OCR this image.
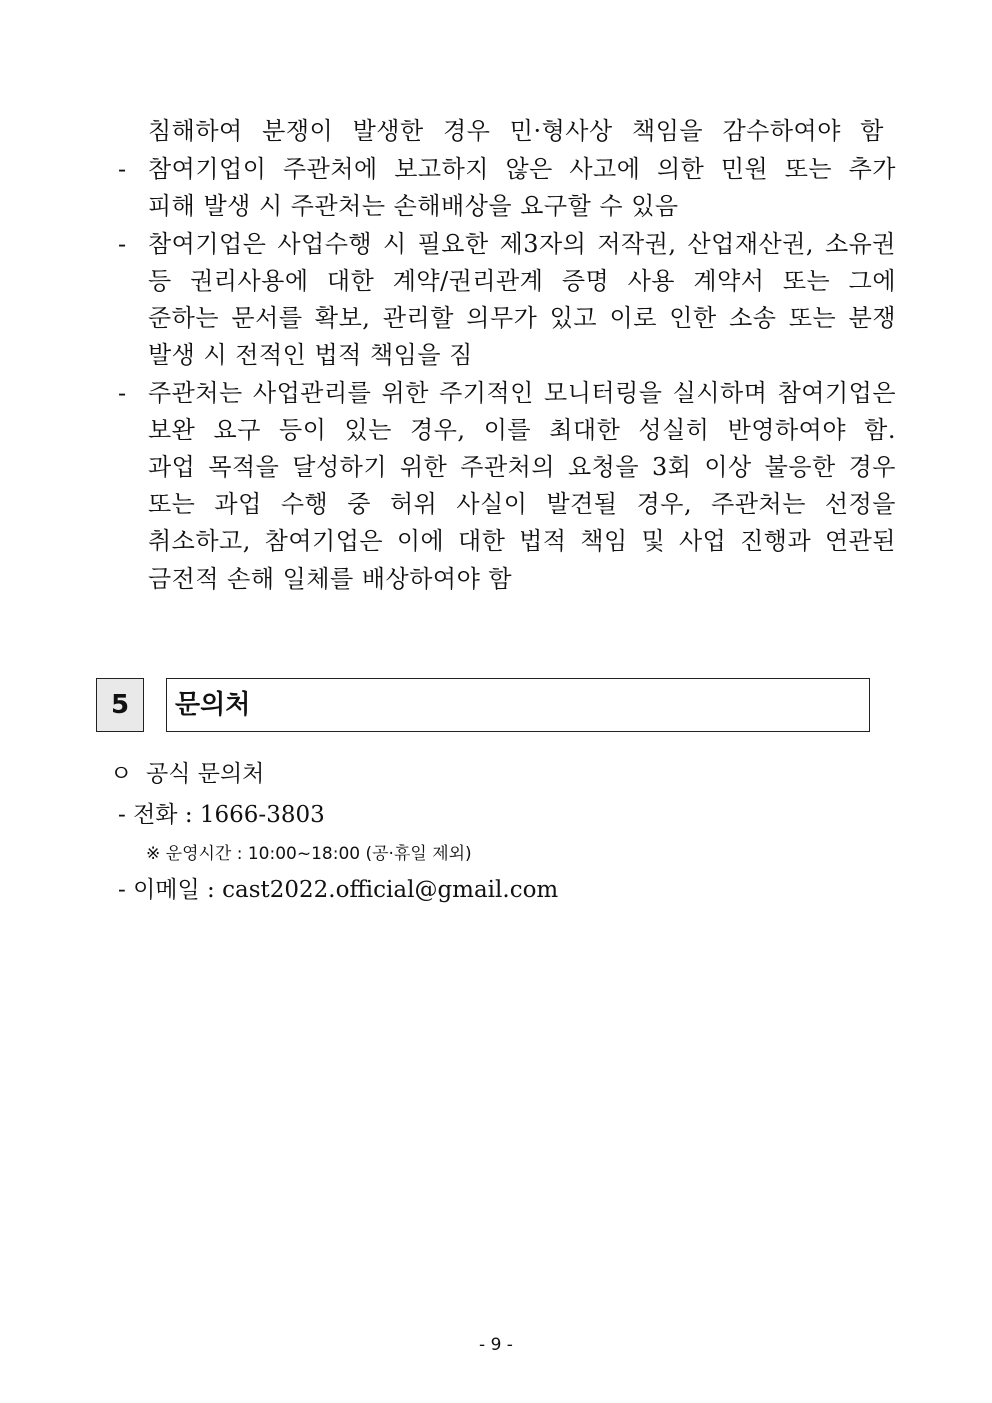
침해하여 분쟁이 발생한 경우 민·형사상 책임을 감수하여야 함
- 참여기업이 주관처에 보고하지 않은 사고에 의한 민원 또는 추가
피해 발생 시 주관처는 손해배상을 요구할 수 있음
- 참여기업은 사업수행 시 필요한 제3자의 저작권, 산업재산권, 소유권
등 권리사용에 대한 계약/권리관계 증명 사용 계약서 또는 그에
준하는 문서를 확보, 관리할 의무가 있고 이로 인한 소송 또는 분쟁
발생 시 전적인 법적 책임을 짐
- 주관처는 사업관리를 위한 주기적인 모니터링을 실시하며 참여기업은
보완 요구 등이 있는 경우, 이를 최대한 성실히 반영하여야 함.
과업 목적을 달성하기 위한 주관처의 요청을 3회 이상 불응한 경우
또는 과업 수행 중 허위 사실이 발견될 경우, 주관처는 선정을
취소하고, 참여기업은 이에 대한 법적 책임 및 사업 진행과 연관된
금전적 손해 일체를 배상하여야 함
5	문의처
ㅇ 공식 문의처
- 전화 : 1666-3803
※ 운영시간 : 10:00~18:00 (공·휴일 제외)
- 이메일 : cast2022.official@gmail.com
- 9 -
